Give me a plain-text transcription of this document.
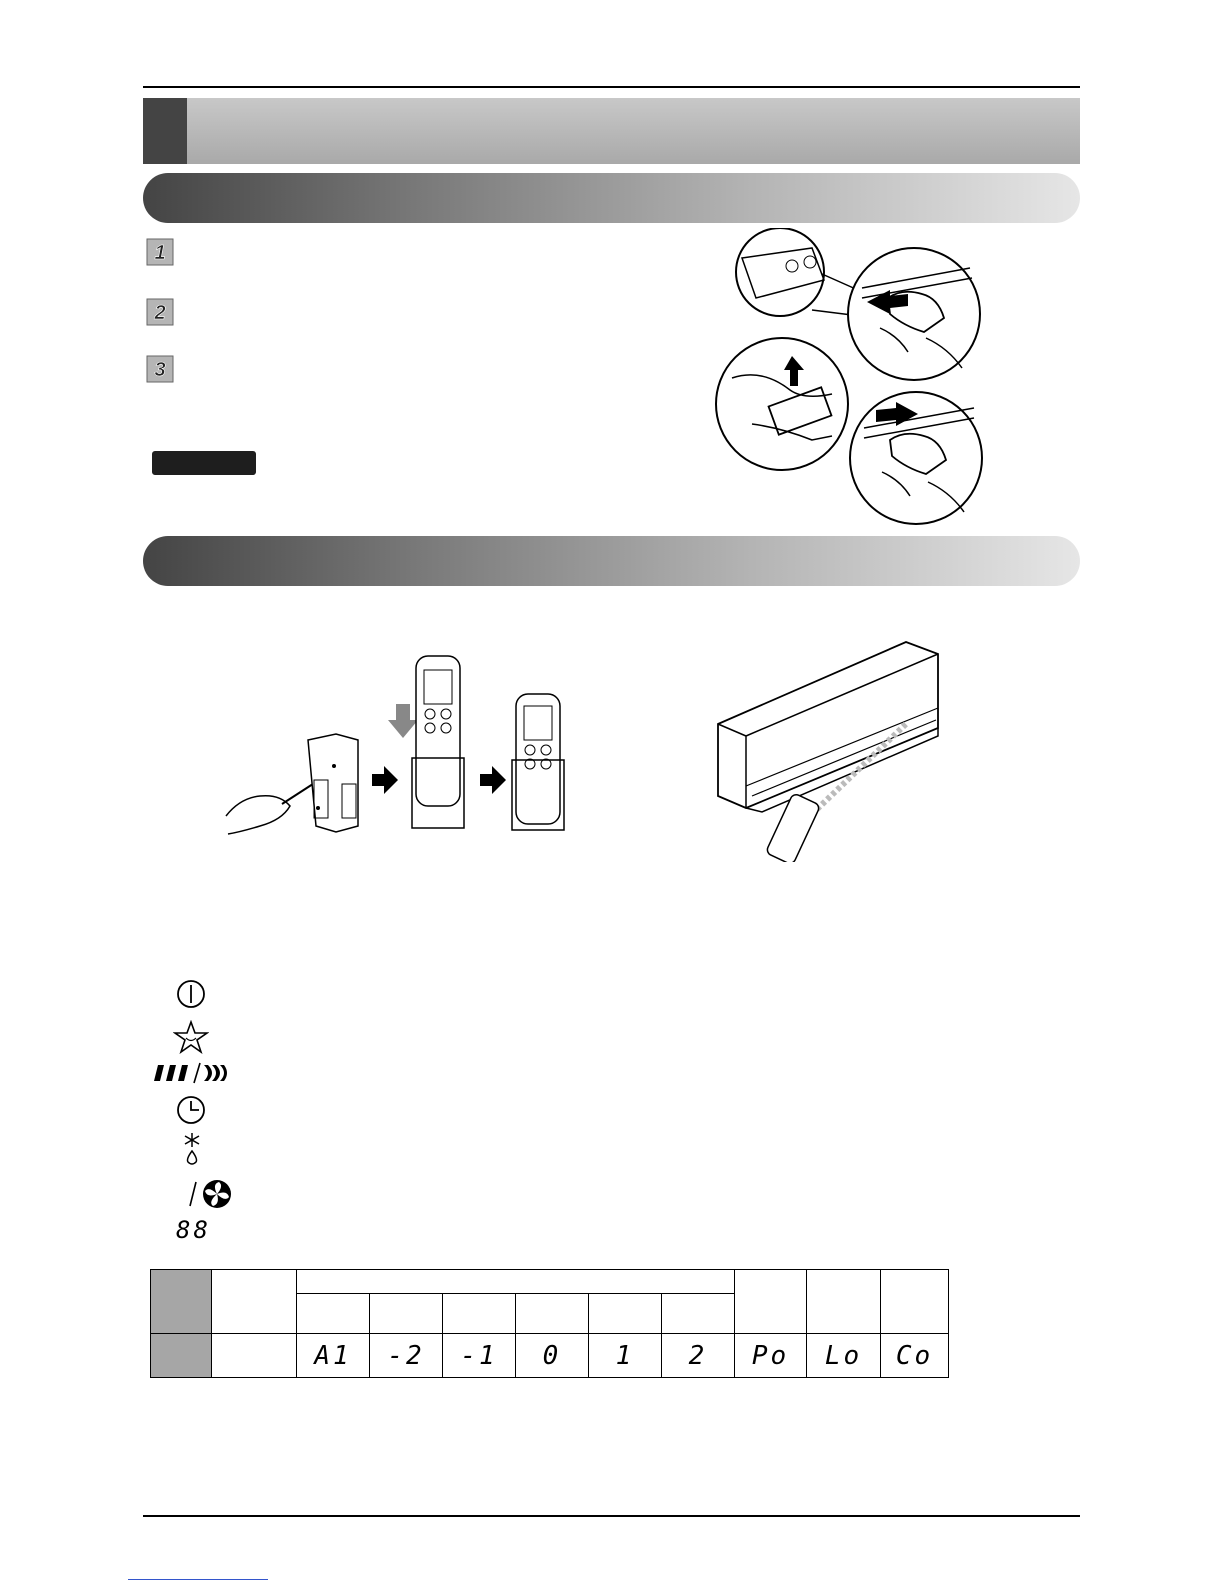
1
2
3
88

		A1	-2	-1	0	1	2	Po	Lo	Co
